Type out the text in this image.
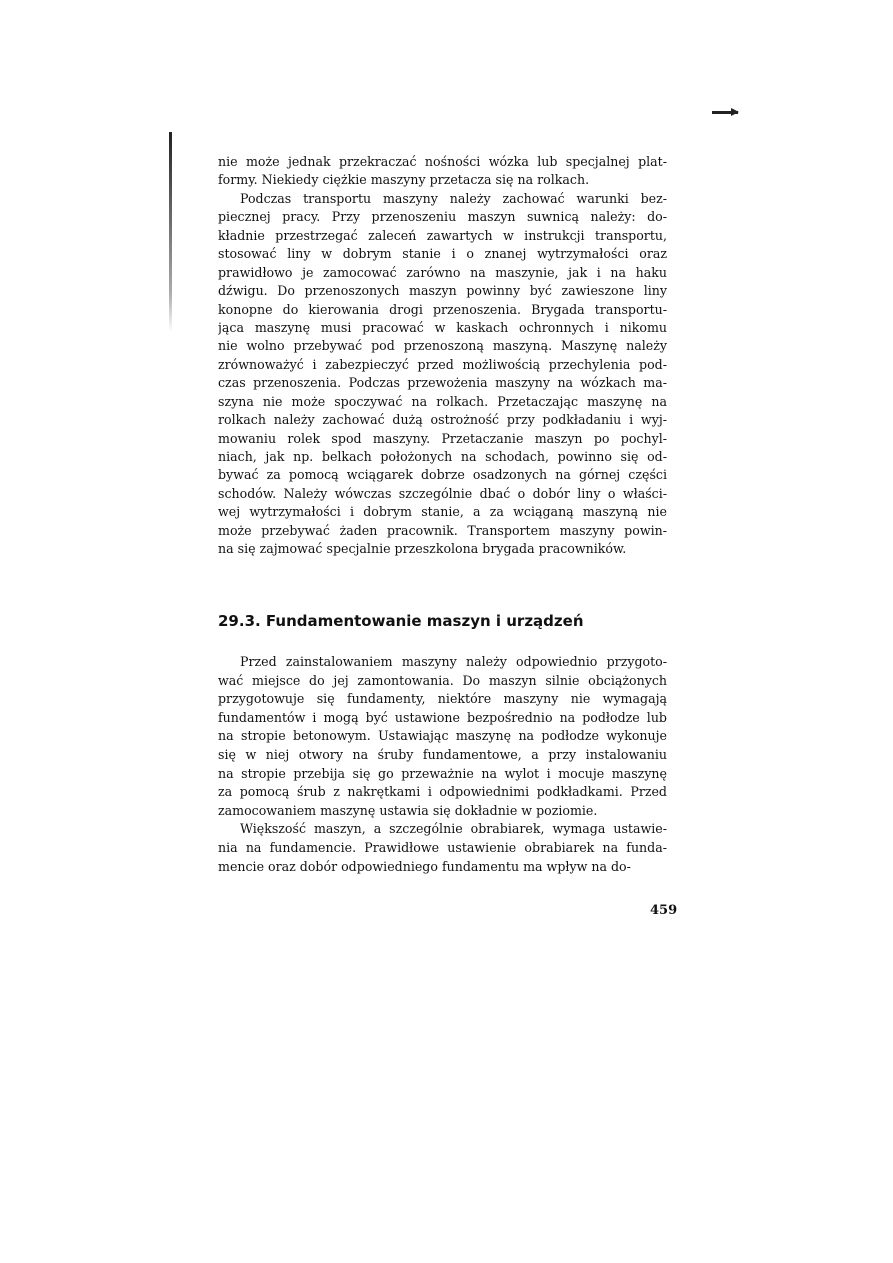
nie może jednak przekraczać nośności wózka lub specjalnej plat-
formy. Niekiedy ciężkie maszyny przetacza się na rolkach.
Podczas transportu maszyny należy zachować warunki bez-
piecznej pracy. Przy przenoszeniu maszyn suwnicą należy: do-
kładnie przestrzegać zaleceń zawartych w instrukcji transportu,
stosować liny w dobrym stanie i o znanej wytrzymałości oraz
prawidłowo je zamocować zarówno na maszynie, jak i na haku
dźwigu. Do przenoszonych maszyn powinny być zawieszone liny
konopne do kierowania drogi przenoszenia. Brygada transportu-
jąca maszynę musi pracować w kaskach ochronnych i nikomu
nie wolno przebywać pod przenoszoną maszyną. Maszynę należy
zrównoważyć i zabezpieczyć przed możliwością przechylenia pod-
czas przenoszenia. Podczas przewożenia maszyny na wózkach ma-
szyna nie może spoczywać na rolkach. Przetaczając maszynę na
rolkach należy zachować dużą ostrożność przy podkładaniu i wyj-
mowaniu rolek spod maszyny. Przetaczanie maszyn po pochyl-
niach, jak np. belkach położonych na schodach, powinno się od-
bywać za pomocą wciągarek dobrze osadzonych na górnej części
schodów. Należy wówczas szczególnie dbać o dobór liny o właści-
wej wytrzymałości i dobrym stanie, a za wciąganą maszyną nie
może przebywać żaden pracownik. Transportem maszyny powin-
na się zajmować specjalnie przeszkolona brygada pracowników.
29.3. Fundamentowanie maszyn i urządzeń
Przed zainstalowaniem maszyny należy odpowiednio przygoto-
wać miejsce do jej zamontowania. Do maszyn silnie obciążonych
przygotowuje się fundamenty, niektóre maszyny nie wymagają
fundamentów i mogą być ustawione bezpośrednio na podłodze lub
na stropie betonowym. Ustawiając maszynę na podłodze wykonuje
się w niej otwory na śruby fundamentowe, a przy instalowaniu
na stropie przebija się go przeważnie na wylot i mocuje maszynę
za pomocą śrub z nakrętkami i odpowiednimi podkładkami. Przed
zamocowaniem maszynę ustawia się dokładnie w poziomie.
Większość maszyn, a szczególnie obrabiarek, wymaga ustawie-
nia na fundamencie. Prawidłowe ustawienie obrabiarek na funda-
mencie oraz dobór odpowiedniego fundamentu ma wpływ na do-
459
